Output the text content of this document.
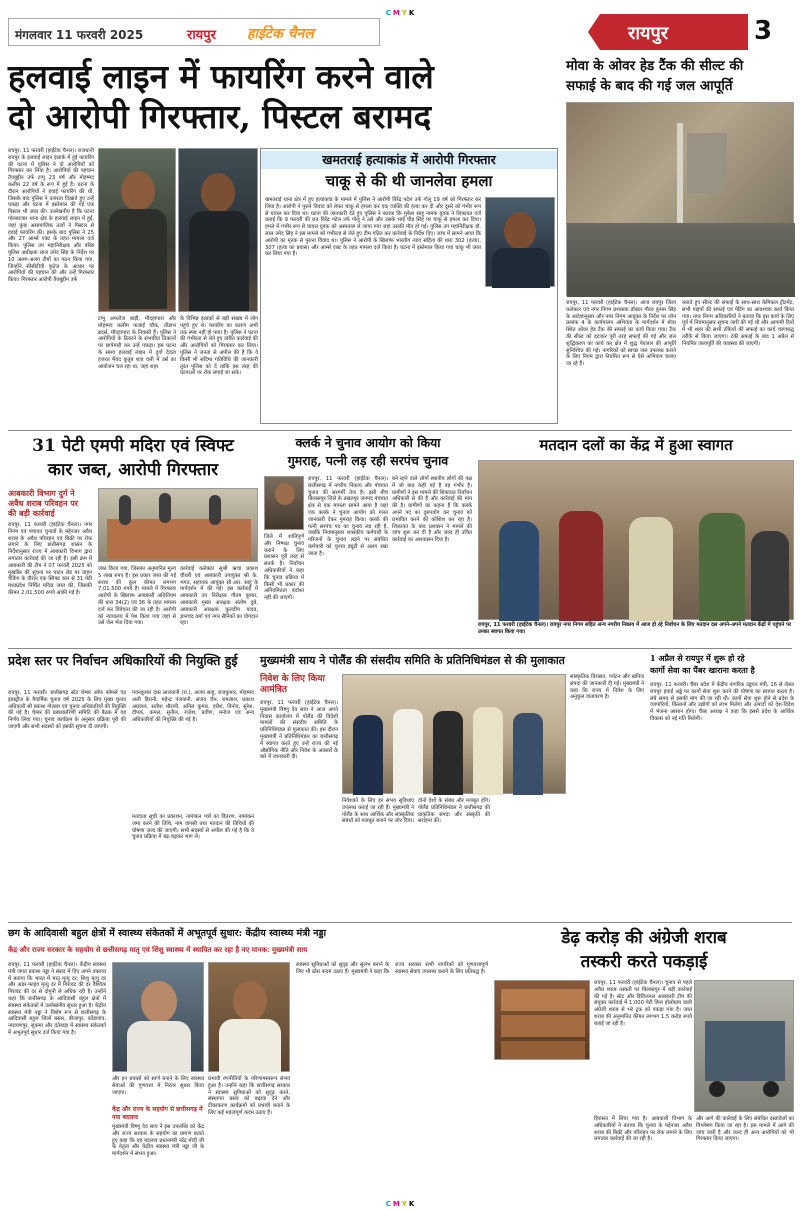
C M Y K
मंगलवार 11 फरवरी 2025	रायपुर हाईटेक चैनल	रायपुर	3
हलवाई लाइन में फायरिंग करने वाले
दो आरोपी गिरफ्तार, पिस्टल बरामद
रायपुर, 11 फरवरी (हाईटेक चैनल)। राजधानी रायपुर के हलवाई लाइन इलाके में हुई फायरिंग की घटना में पुलिस ने दो आरोपियों को गिरफ्तार कर लिया है। आरोपियों की पहचान तैयबुद्दीन उर्फ टप्पू 23 वर्ष और मोहम्मद कलीम 22 वर्ष के रूप में हुई है। घटना के दौरान आरोपियों ने हवाई फायरिंग की थी, जिसके बाद पुलिस ने तत्परता दिखाते हुए उन्हें पकड़ा और घटना में इस्तेमाल की गई एक पिस्टल भी जब्त की। उल्लेखनीय है कि घटना गोलबाजार थाना क्षेत्र के हलवाई लाइन में हुई, जहां कुछ असामाजिक तत्वों ने पिस्टल से हवाई फायरिंग की। इसके बाद पुलिस ने 25 और 27 आर्म्स एक्ट के तहत मामला दर्ज किया। पुलिस उप महानिरीक्षक और वरिष्ठ पुलिस अधीक्षक लाल उमेद सिंह के निर्देश पर 10 अलग-अलग टीमों का गठन किया गया, जिन्होंने सीसीटीवी फुटेज के आधार पर आरोपियों की पहचान की और उन्हें गिरफ्तार किया। गिरफ्तार आरोपी तैयबुद्दीन उर्फ
टप्पू अफरोज बाड़ी, मौदहापारा और मोहम्मद कलीम फजाई चौक, तीडाभ ब्रदर्स, मौदहापारा के निवासी हैं। पुलिस ने आरोपियों के ठिकाने के संभावित ठिकानों पर छापेमारी कर उन्हें पकड़ा। इस घटना के समय हलवाई लाइन में दुर्गा देवता हजरत मैयद कुतुब शाह वली में उर्स का आयोजन चल रहा था, जहां शहर
के विभिन्न इलाकों से बड़ी संख्या में लोग पहुंचे हुए थे। फायरिंग का कारण अभी तक स्पष्ट नहीं हो पाया है। पुलिस ने घटना की गंभीरता से लेते हुए त्वरित कार्रवाई की और आरोपियों को गिरफ्तार कर लिया। पुलिस ने जनता से अपील की है कि वे किसी भी संदिग्ध गतिविधि की जानकारी तुरंत पुलिस को दें ताकि इस तरह की घटनाओं पर रोक लगाई जा सके।
खमतराई हत्याकांड में आरोपी गिरफ्तार
चाकू से की थी जानलेवा हमला
खमतराई थाना क्षेत्र में हुए हत्याकांड के मामले में पुलिस ने आरोपी विरेंद्र पटेल उर्फ गोलू 19 वर्ष को गिरफ्तार कर लिया है। आरोपी ने पुराने विवाद को लेकर चाकू से हमला कर एक व्यक्ति की हत्या कर दी और दूसरे को गंभीर रूप से घायल कर दिया था। घटना की जानकारी देते हुए पुलिस ने बताया कि मुकेश साहू नामक युवक ने शिकायत दर्ज कराई कि 9 फरवरी की रात विरेंद्र पटेल उर्फ गोलू ने उसे और उसके भाई पीड़ सिंह पर चाकू से हमला कर दिया। हमले में गंभीर रूप से घायल युवक को अस्पताल ले जाया गया जहां उसकी मौत हो गई। पुलिस उप महानिरीक्षक डॉ. लाल उमेद सिंह ने इस मामले को गंभीरता से लेते हुए टीम गठित कर कार्रवाई के निर्देश दिए। जांच में सामने आया कि आरोपी का मृतक से पुराना विवाद था। पुलिस ने आरोपी के खिलाफ भारतीय न्याय संहिता की धारा 302 (हत्या), 307 (हत्या का प्रयास) और आर्म्स एक्ट के तहत मामला दर्ज किया है। घटना में इस्तेमाल किया गया चाकू भी जब्त कर लिया गया है।
मोवा के ओवर हेड टैंक की सील्ट की
सफाई के बाद की गई जल आपूर्ति
रायपुर, 11 फरवरी (हाईटेक चैनल)। आज रायपुर जिला कलेक्टर एवं नगर निगम प्रशासक डॉक्टर गौरव कुमार सिंह के आदेशानुसार और नगर निगम आयुक्त के निर्देश पर जोन क्रमांक 4 के कार्यपालन अभियंता के मार्गदर्शन में मोवा स्थित ओवर हेड टैंक की सफाई का कार्य किया गया। टैंक की सील्ट को हटाकर पूरी तरह सफाई की गई और जल शुद्धिकरण का कार्य कर क्षेत्र में शुद्ध पेयजल की आपूर्ति सुनिश्चित की गई। नागरिकों को स्वच्छ जल उपलब्ध कराने के लिए निगम द्वारा नियमित रूप से ऐसे अभियान चलाए जा रहे हैं।
कराते हुए सील्ट की सफाई के साथ-साथ केमिकल ट्रीटमेंट, सभी पाइपों की सफाई एवं पेंटिंग का आवश्यक कार्य किया गया। नगर निगम अधिकारियों ने बताया कि इस कार्य के लिए पूर्व में नियमानुसार सूचना जारी की गई थी और आगामी दिनों में भी शहर की सभी टंकियों की सफाई का कार्य चरणबद्ध तरीके से किया जाएगा। टंकी सफाई के बाद 1 अप्रैल से नियमित जलापूर्ति की व्यवस्था की जाएगी।
31 पेटी एमपी मदिरा एवं स्विफ्ट
कार जब्त, आरोपी गिरफ्तार
आबकारी विभाग दुर्ग ने
अवैध शराब परिवहन पर
की बड़ी कार्रवाई
रायपुर, 11 फरवरी (हाईटेक चैनल)। नगर निगम एवं पंचायत चुनावों के मद्देनजर अवैध शराब के अवैध परिवहन एवं बिक्री पर रोक लगाने के लिए छत्तीसगढ़ शासन के निर्देशानुसार राज्य में आबकारी विभाग द्वारा लगातार कार्रवाई की जा रही है। इसी क्रम में आबकारी की टीम ने 07 फरवरी 2025 को मुखबिर की सूचना पर पाटन रोड पर वाहन चेकिंग के दौरान एक स्विफ्ट कार से 31 पेटी मध्यप्रदेश निर्मित मदिरा जब्त की, जिसकी कीमत 2,01,500 रुपये आंकी गई है।
जब्त किया गया, जिसका अनुमानित मूल्य 5 लाख रुपए है। इस प्रकार जब्त की गई शराब की कुल कीमत लगभग 7,01,500 रुपये है। मामले में गिरफ्तार आरोपी के खिलाफ आबकारी अधिनियम की धारा 34(2) एवं 36 के तहत मामला दर्ज कर विवेचना की जा रही है। आरोपी को न्यायालय में पेश किया गया जहां से उसे जेल भेज दिया गया।
कार्रवाई कलेक्टर सुश्री ऋचा प्रकाश चौधरी एवं आबकारी उपायुक्त श्री के. भगत, सहायक आयुक्त सी.आर. साहू के मार्गदर्शन में की गई। इस कार्रवाई में आबकारी उप निरीक्षक गौतम कुमार, आबकारी मुख्य आरक्षक संतोष दुबे, आबकारी आरक्षक कुलदीप यादव, ज्ञानचंद वर्मा एवं नगर सैनिकों का योगदान रहा।
क्लर्क ने चुनाव आयोग को किया
गुमराह, पत्नी लड़ रही सरपंच चुनाव
रायपुर, 11 फरवरी (हाईटेक चैनल)। छत्तीसगढ़ में नगरीय निकाय और पंचायत चुनाव की सरगर्मी तेज है। इसी बीच बिलासपुर जिले के तखतपुर जनपद पंचायत क्षेत्र से एक मामला सामने आया है जहां एक क्लर्क ने चुनाव आयोग को गलत जानकारी देकर गुमराह किया। क्लर्क की पत्नी सरपंच पद का चुनाव लड़ रही है, जबकि नियमानुसार शासकीय कर्मचारी के परिजनों के चुनाव लड़ने पर संबंधित कर्मचारी को चुनाव ड्यूटी से अलग रखा जाता है।
बने रहने वाले लोगों स्थानीय लोगों की पक्ष में जो बात कही गई है वह गंभीर है। ग्रामीणों ने इस मामले की शिकायत निर्वाचन अधिकारी से की है और कार्रवाई की मांग की है। ग्रामीणों का कहना है कि क्लर्क अपने पद का दुरुपयोग कर चुनाव को प्रभावित करने की कोशिश कर रहा है। शिकायत के बाद प्रशासन ने मामले की जांच शुरू कर दी है और जल्द ही उचित कार्रवाई का आश्वासन दिया है।
जिले में शांतिपूर्ण और निष्पक्ष चुनाव कराने के लिए प्रशासन पूरी तरह से सतर्क है। निर्वाचन अधिकारियों ने कहा कि चुनाव प्रक्रिया में किसी भी प्रकार की अनियमितता बर्दाश्त नहीं की जाएगी।
मतदान दलों का केंद्र में हुआ स्वागत
रायपुर, 11 फरवरी (हाईटेक चैनल)। रायपुर नगर निगम सहित अन्य नगरीय निकाय में आज हो रहे निर्वाचन के लिए मतदान दल अपने-अपने मतदान केंद्रों में पहुंचने पर उनका स्वागत किया गया।
प्रदेश स्तर पर निर्वाचन अधिकारियों की नियुक्ति हुई
रायपुर, 11 फरवरी। छत्तीसगढ़ स्टेट चेम्बर ऑफ कॉमर्स एंड इंडस्ट्रीज के त्रैवार्षिक चुनाव वर्ष 2025 के लिए मुख्य चुनाव अधिकारी श्री प्रकाश गोलछा एवं चुनाव अधिकारियों की नियुक्ति की गई है। चेम्बर की प्रबंधकारिणी समिति की बैठक में यह निर्णय लिया गया। चुनाव कार्यक्रम के अनुसार प्रक्रिया पूरी की जाएगी और सभी सदस्यों को इसकी सूचना दी जाएगी।
पवनकुमार दास लालवानी (रा.), अजय साहू, राजकुमार, मोहम्मद अली हिरानी, महेन्द्र पंजवानी, संजय जैन, रामलाल, प्रकाश अग्रवाल, सतीश थौरानी, अनिल कुमार, हरीश, विनोद, सुरेश, दीपक, कमल, सुनील, राजेश, प्रवीण, मनोज एवं अन्य अधिकारियों की नियुक्ति की गई है।
मतदाता सूची का प्रकाशन, नामांकन पत्रों का वितरण, नामांकन जमा करने की तिथि, नाम वापसी तथा मतदान की तिथियों की घोषणा जल्द की जाएगी। सभी सदस्यों से अपील की गई है कि वे चुनाव प्रक्रिया में बढ़-चढ़कर भाग लें।
मुख्यमंत्री साय ने पोलैंड की संसदीय समिति के प्रतिनिधिमंडल से की मुलाकात
निवेश के लिए किया
आमंत्रित
रायपुर, 11 फरवरी (हाईटेक चैनल)। मुख्यमंत्री विष्णु देव साय ने आज अपने निवास कार्यालय में पोलैंड की विदेशी मामलों की संसदीय समिति के प्रतिनिधिमंडल से मुलाकात की। इस दौरान मुख्यमंत्री ने प्रतिनिधिमंडल का छत्तीसगढ़ में स्वागत करते हुए उन्हें राज्य की नई औद्योगिक नीति और निवेश के अवसरों के बारे में जानकारी दी।
निवेशकों के लिए हर संभव सुविधाएं उपलब्ध कराई जा रही हैं। मुख्यमंत्री ने पोलैंड के साथ आर्थिक और सांस्कृतिक संबंधों को मजबूत बनाने पर जोर दिया।
दोनों देशों के संबंध और मजबूत होंगे। पोलैंड प्रतिनिधिमंडल ने छत्तीसगढ़ की प्राकृतिक संपदा और संस्कृति की सराहना की।
सांस्कृतिक विरासत, पर्यटन और खनिज संपदा की जानकारी दी गई। मुख्यमंत्री ने कहा कि राज्य में निवेश के लिए अनुकूल वातावरण है।
1 अप्रैल से रायपुर में शुरू हो रहे
कार्गो सेवा का पैंबर खाराना करता है
रायपुर, 11 फरवरी। चैंबर प्रदेश में केंद्रीय नागरिक उड्डयन मंत्री, 16 से लेकर रायपुर हवाई अड्डे पर कार्गो सेवा शुरू करने की घोषणा का स्वागत करता है। लंबे समय से इसकी मांग की जा रही थी। कार्गो सेवा शुरू होने से प्रदेश के व्यापारियों, किसानों और उद्योगों को लाभ मिलेगा और उत्पादों को देश-विदेश में भेजना आसान होगा। चैंबर अध्यक्ष ने कहा कि इससे प्रदेश के आर्थिक विकास को नई गति मिलेगी।
छग के आदिवासी बहुल क्षेत्रों में स्वास्थ्य संकेतकों में अभूतपूर्व सुधार: केंद्रीय स्वास्थ्य मंत्री नड्डा
केंद्र और राज्य सरकार के सहयोग से छत्तीसगढ़ मातृ एवं शिशु स्वास्थ्य में स्थापित कर रहा है नए मानक: मुख्यमंत्री साय
रायपुर, 11 फरवरी (हाईटेक चैनल)। केंद्रीय स्वास्थ्य मंत्री जगत प्रकाश नड्डा ने संसद में दिए अपने वक्तव्य में बताया कि भारत में मातृ मृत्यु दर, शिशु मृत्यु दर और अंडर-फाइव मृत्यु दर में गिरावट की दर वैश्विक गिरावट की दर से दोगुनी से अधिक रही है। उन्होंने कहा कि छत्तीसगढ़ के आदिवासी बहुल क्षेत्रों में स्वास्थ्य संकेतकों में उल्लेखनीय सुधार हुआ है। केंद्रीय स्वास्थ्य मंत्री नड्डा ने विशेष रूप से छत्तीसगढ़ के आदिवासी बहुल जिलों बस्तर, बीजापुर, कोंडागांव, नारायणपुर, सुकमा और दंतेवाड़ा में स्वास्थ्य संकेतकों में अभूतपूर्व सुधार दर्ज किया गया है।
और इन प्रयासों को स्वर्ण बनाने के लिए स्वास्थ्य सेवाओं की गुणवत्ता में निरंतर सुधार किया जाएगा।
केंद्र और राज्य के सहयोग से छत्तीसगढ़ में नया बदलाव
मुख्यमंत्री विष्णु देव साय ने इस उपलब्धि को केंद्र और राज्य सरकार के सहयोग का प्रमाण बताते हुए कहा कि यह बदलाव प्रधानमंत्री नरेंद्र मोदी जी के नेतृत्व और केंद्रीय स्वास्थ्य मंत्री नड्डा जी के मार्गदर्शन में संभव हुआ।
प्रभावी रणनीतियों के परिणामस्वरूप संभव हुआ है। उन्होंने कहा कि छत्तीसगढ़ सरकार ने स्वास्थ्य सुविधाओं को सुदृढ़ करने, संस्थागत प्रसव को बढ़ावा देने और टीकाकरण कार्यक्रमों को प्रभावी बनाने के लिए कई महत्वपूर्ण कदम उठाए हैं।
स्वास्थ्य सुविधाओं को सुदृढ़ और सुलभ बनाने के लिए भी ठोस कदम उठाए हैं। मुख्यमंत्री ने कहा कि राज्य सरकार सभी नागरिकों को गुणवत्तापूर्ण स्वास्थ्य सेवाएं उपलब्ध कराने के लिए प्रतिबद्ध है।
डेढ़ करोड़ की अंग्रेजी शराब
तस्करी करते पकड़ाई
रायपुर, 11 फरवरी (हाईटेक चैनल)। चुनाव से पहले अवैध शराब तस्करी पर बिलासपुर में बड़ी कार्रवाई की गई है। स्टेट और डिविजनल आबकारी टीम की संयुक्त कार्रवाई में 1,000 पेटी बिना होलोग्राम वाली अंग्रेजी शराब से भरे ट्रक को पकड़ा गया है। जब्त शराब की अनुमानित कीमत लगभग 1.5 करोड़ रुपये बताई जा रही है।
हिरासत में लिया गया है। आबकारी विभाग के अधिकारियों ने बताया कि चुनाव के मद्देनजर अवैध शराब की बिक्री और परिवहन पर रोक लगाने के लिए लगातार कार्रवाई की जा रही है।
और आगे की कार्रवाई के लिए संबंधित दस्तावेजों का विश्लेषण किया जा रहा है। इस मामले में आगे की जांच जारी है और जल्द ही अन्य आरोपियों को भी गिरफ्तार किया जाएगा।
C M Y K
